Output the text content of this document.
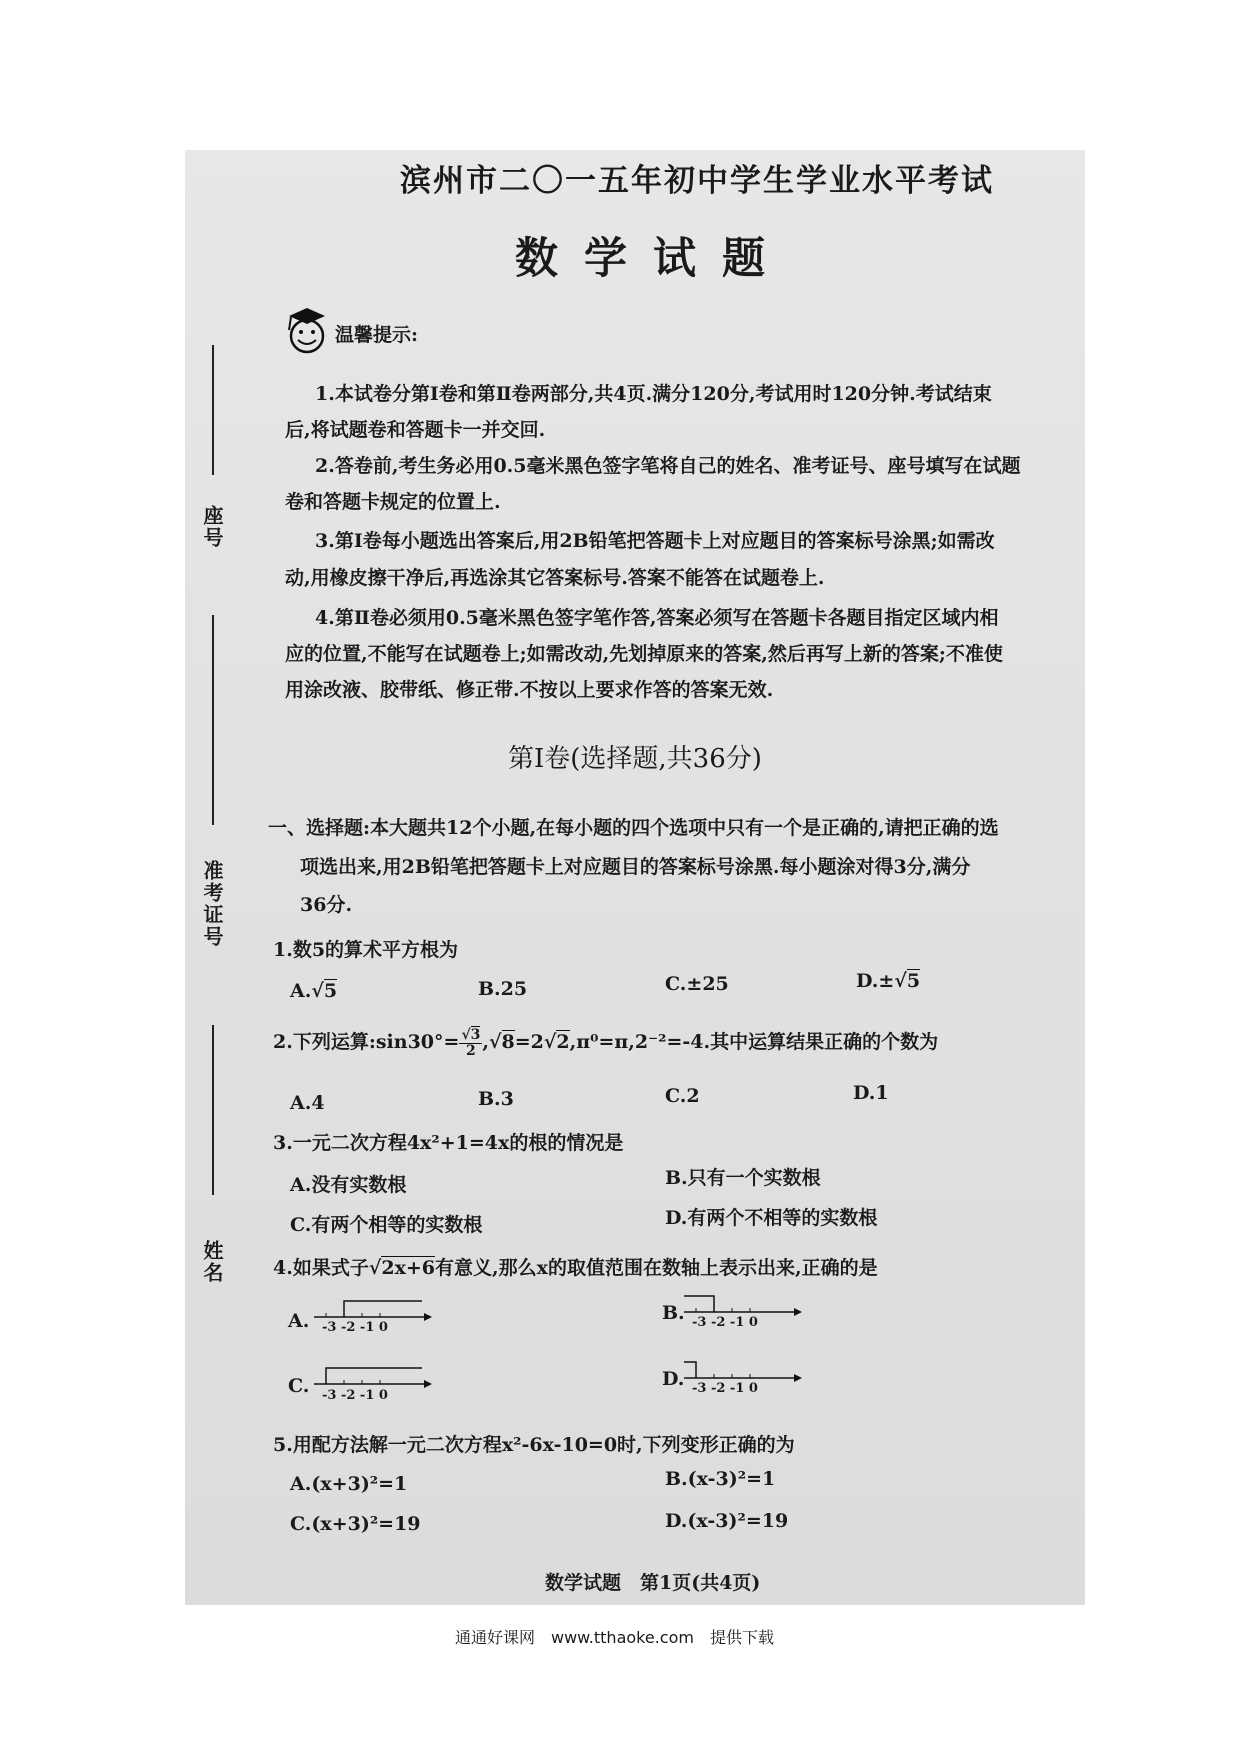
座号
准考证号
姓名
滨州市二〇一五年初中学生学业水平考试
数学试题
温馨提示:
1.本试卷分第Ⅰ卷和第Ⅱ卷两部分,共4页.满分120分,考试用时120分钟.考试结束
后,将试题卷和答题卡一并交回.
2.答卷前,考生务必用0.5毫米黑色签字笔将自己的姓名、准考证号、座号填写在试题
卷和答题卡规定的位置上.
3.第Ⅰ卷每小题选出答案后,用2B铅笔把答题卡上对应题目的答案标号涂黑;如需改
动,用橡皮擦干净后,再选涂其它答案标号.答案不能答在试题卷上.
4.第Ⅱ卷必须用0.5毫米黑色签字笔作答,答案必须写在答题卡各题目指定区域内相
应的位置,不能写在试题卷上;如需改动,先划掉原来的答案,然后再写上新的答案;不准使
用涂改液、胶带纸、修正带.不按以上要求作答的答案无效.
第Ⅰ卷(选择题,共36分)
一、选择题:本大题共12个小题,在每小题的四个选项中只有一个是正确的,请把正确的选
项选出来,用2B铅笔把答题卡上对应题目的答案标号涂黑.每小题涂对得3分,满分
36分.
1.数5的算术平方根为
A.√5	B.25	C.±25	D.±√5
2.下列运算:sin30°= $\frac{√3}{2} ,√8=2√2,\pi^0=\pi,2^{-2}=-4$.其中运算结果正确的个数为
A.4	B.3	C.2	D.1
3.一元二次方程4x²+1=4x的根的情况是
A.没有实数根	B.只有一个实数根
C.有两个相等的实数根	D.有两个不相等的实数根
4.如果式子√2x+6有意义,那么x的取值范围在数轴上表示出来,正确的是
A. -3 -2 -1 0
B. -3 -2 -1 0
C. -3 -2 -1 0
D. -3 -2 -1 0
5.用配方法解一元二次方程x²-6x-10=0时,下列变形正确的为
A.(x+3)²=1	B.(x-3)²=1
C.(x+3)²=19	D.(x-3)²=19
数学试题　第1页(共4页)
通通好课网　www.tthaoke.com　提供下载
